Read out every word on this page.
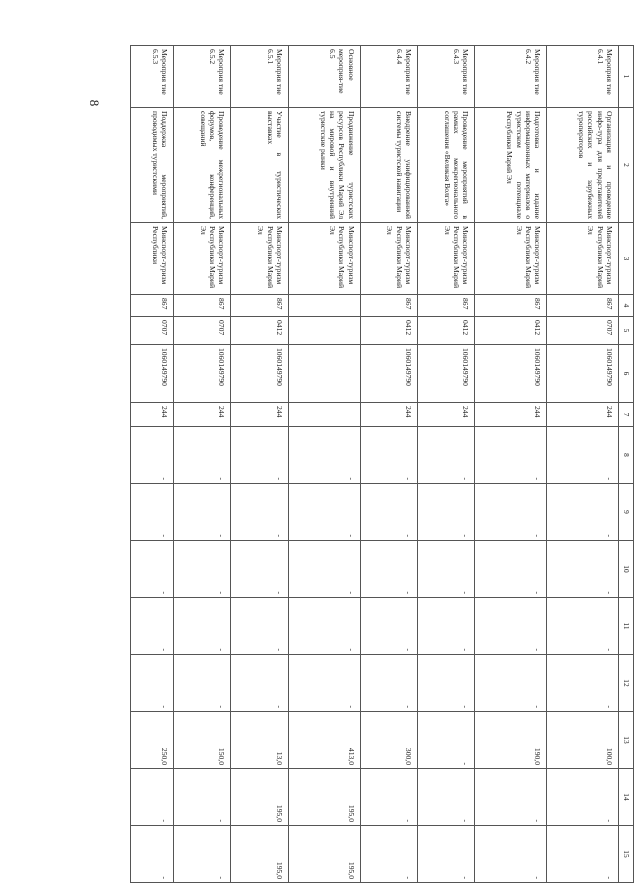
8
1	2	3	4	5	6	7	8	9	10	11	12	13	14	15
Мероприя тие 6.4.1	Организация и проведение инфо-тура для представителей российских и зарубежных туроператоров	Минспорт-туризм Республики Марий Эл	867	0707	1060149790	244	-	-	-	-	-	100,0	-	-
Мероприя тие 6.4.2	Подготовка и издание информационных материалов о туристском потенциале Республики Марий Эл	Минспорт-туризм Республики Марий Эл	867	0412	1060149790	244	-	-	-	-	-	190,0	-	-
Мероприя тие 6.4.3	Проведение мероприятий в рамках межрегионального соглашения «Великая Волга»	Минспорт-туризм Республики Марий Эл	867	0412	1060149790	244	-	-	-	-	-	-	-	-
Мероприя тие 6.4.4	Внедрение унифицированной системы туристской навигации	Минспорт-туризм Республики Марий Эл	867	0412	1060149790	244	-	-	-	-	-	300,0	-	-
Основное мероприя-тие 6.5	Продвижение туристских ресурсов Республики Марий Эл на мировой и внутренний туристские рынки	Минспорт-туризм Республики Марий Эл					-	-	-	-	-	413,0	195,0	195,0
Мероприя тие 6.5.1	Участие в туристических выставках	Минспорт-туризм Республики Марий Эл	867	0412	1060149790	244	-	-	-	-	-	13,0	195,0	195,0
Мероприя тие 6.5.2	Проведение межрегиональных форумов, конференций, совещаний	Минспорт-туризм Республики Марий Эл	867	0707	1060149790	244	-	-	-	-	-	150,0	-	-
Мероприя тие 6.5.3	Поддержка мероприятий, проводимых туристскими	Минспорт-туризм Республики	867	0707	1060149790	244	-	-	-	-	-	250,0	-	-
